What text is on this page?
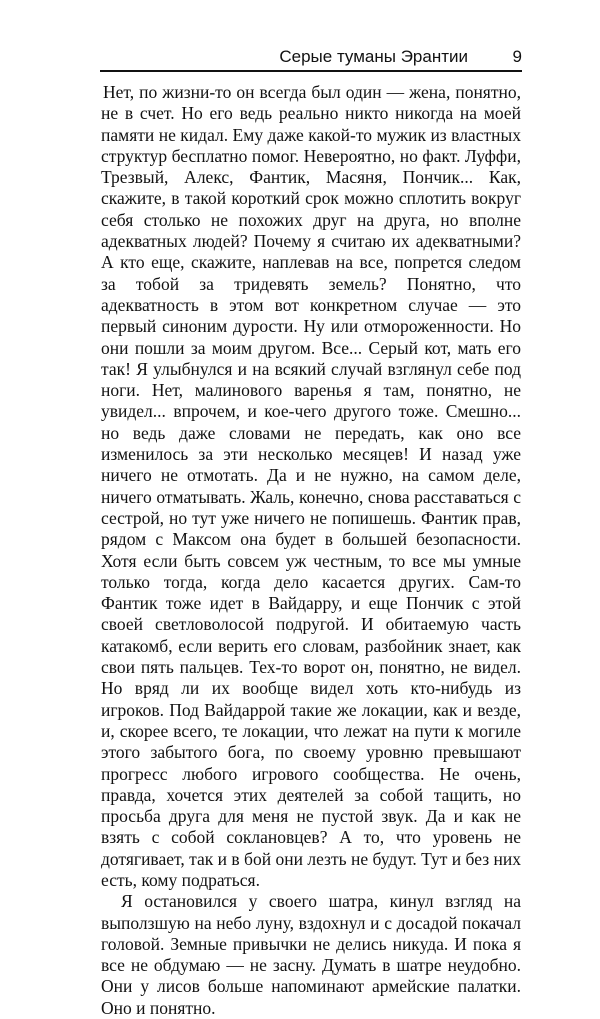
Серые туманы Эрантии	9

Нет, по жизни-то он всегда был один — жена, понятно, не в счет. Но его ведь реально никто никогда на моей памяти не кидал. Ему даже какой-то мужик из властных структур бесплатно помог. Невероятно, но факт. Луффи, Трезвый, Алекс, Фантик, Масяня, Пончик... Как, скажите, в такой короткий срок можно сплотить вокруг себя столько не похожих друг на друга, но вполне адекватных людей? Почему я считаю их адекватными? А кто еще, скажите, наплевав на все, попрется следом за тобой за тридевять земель? Понятно, что адекватность в этом вот конкретном случае — это первый синоним дурости. Ну или отмороженности. Но они пошли за моим другом. Все... Серый кот, мать его так! Я улыбнулся и на всякий случай взглянул себе под ноги. Нет, малинового варенья я там, понятно, не увидел... впрочем, и кое-чего другого тоже. Смешно... но ведь даже словами не передать, как оно все изменилось за эти несколько месяцев! И назад уже ничего не отмотать. Да и не нужно, на самом деле, ничего отматывать. Жаль, конечно, снова расставаться с сестрой, но тут уже ничего не попишешь. Фантик прав, рядом с Максом она будет в большей безопасности. Хотя если быть совсем уж честным, то все мы умные только тогда, когда дело касается других. Сам-то Фантик тоже идет в Вайдарру, и еще Пончик с этой своей светловолосой подругой. И обитаемую часть катакомб, если верить его словам, разбойник знает, как свои пять пальцев. Тех-то ворот он, понятно, не видел. Но вряд ли их вообще видел хоть кто-нибудь из игроков. Под Вайдаррой такие же локации, как и везде, и, скорее всего, те локации, что лежат на пути к могиле этого забытого бога, по своему уровню превышают прогресс любого игрового сообщества. Не очень, правда, хочется этих деятелей за собой тащить, но просьба друга для меня не пустой звук. Да и как не взять с собой соклановцев? А то, что уровень не дотягивает, так и в бой они лезть не будут. Тут и без них есть, кому подраться.

Я остановился у своего шатра, кинул взгляд на выползшую на небо луну, вздохнул и с досадой покачал головой. Земные привычки не делись никуда. И пока я все не обдумаю — не засну. Думать в шатре неудобно. Они у лисов больше напоминают армейские палатки. Оно и понятно.
